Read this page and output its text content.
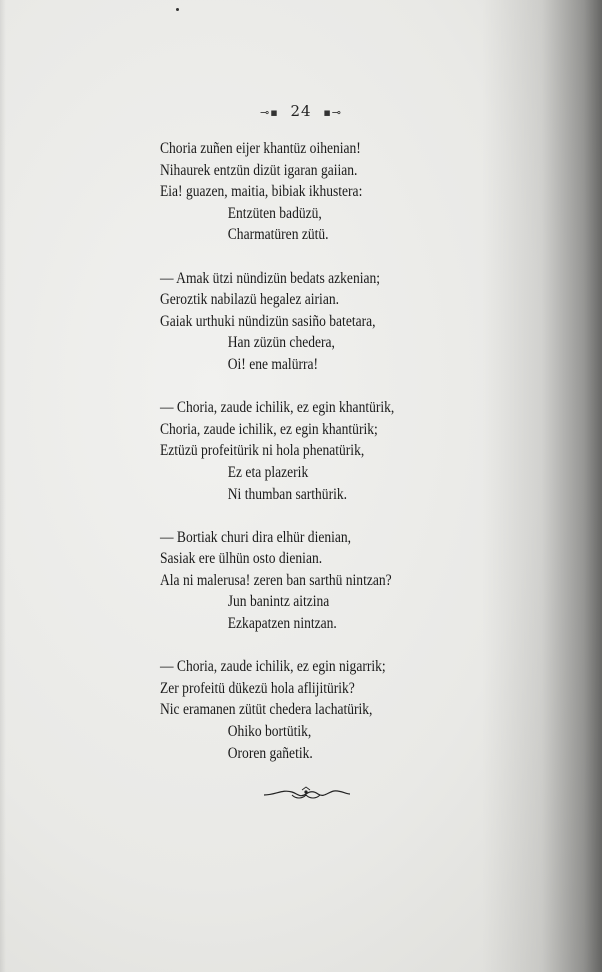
⊸▪ 24 ▪⊸
Choria zuñen eijer khantüz oihenian!
Nihaurek entzün dizüt igaran gaiian.
Eia! guazen, maitia, bibiak ikhustera:
Entzüten badüzü,
Charmatüren zütü.
— Amak ützi nündizün bedats azkenian;
Geroztik nabilazü hegalez airian.
Gaiak urthuki nündizün sasiño batetara,
Han züzün chedera,
Oi! ene malürra!
— Choria, zaude ichilik, ez egin khantürik,
Choria, zaude ichilik, ez egin khantürik;
Eztüzü profeitürik ni hola phenatürik,
Ez eta plazerik
Ni thumban sarthürik.
— Bortiak churi dira elhür dienian,
Sasiak ere ülhün osto dienian.
Ala ni malerusa! zeren ban sarthü nintzan?
Jun banintz aitzina
Ezkapatzen nintzan.
— Choria, zaude ichilik, ez egin nigarrik;
Zer profeitü dükezü hola aflijitürik?
Nic eramanen zütüt chedera lachatürik,
Ohiko bortütik,
Ororen gañetik.
